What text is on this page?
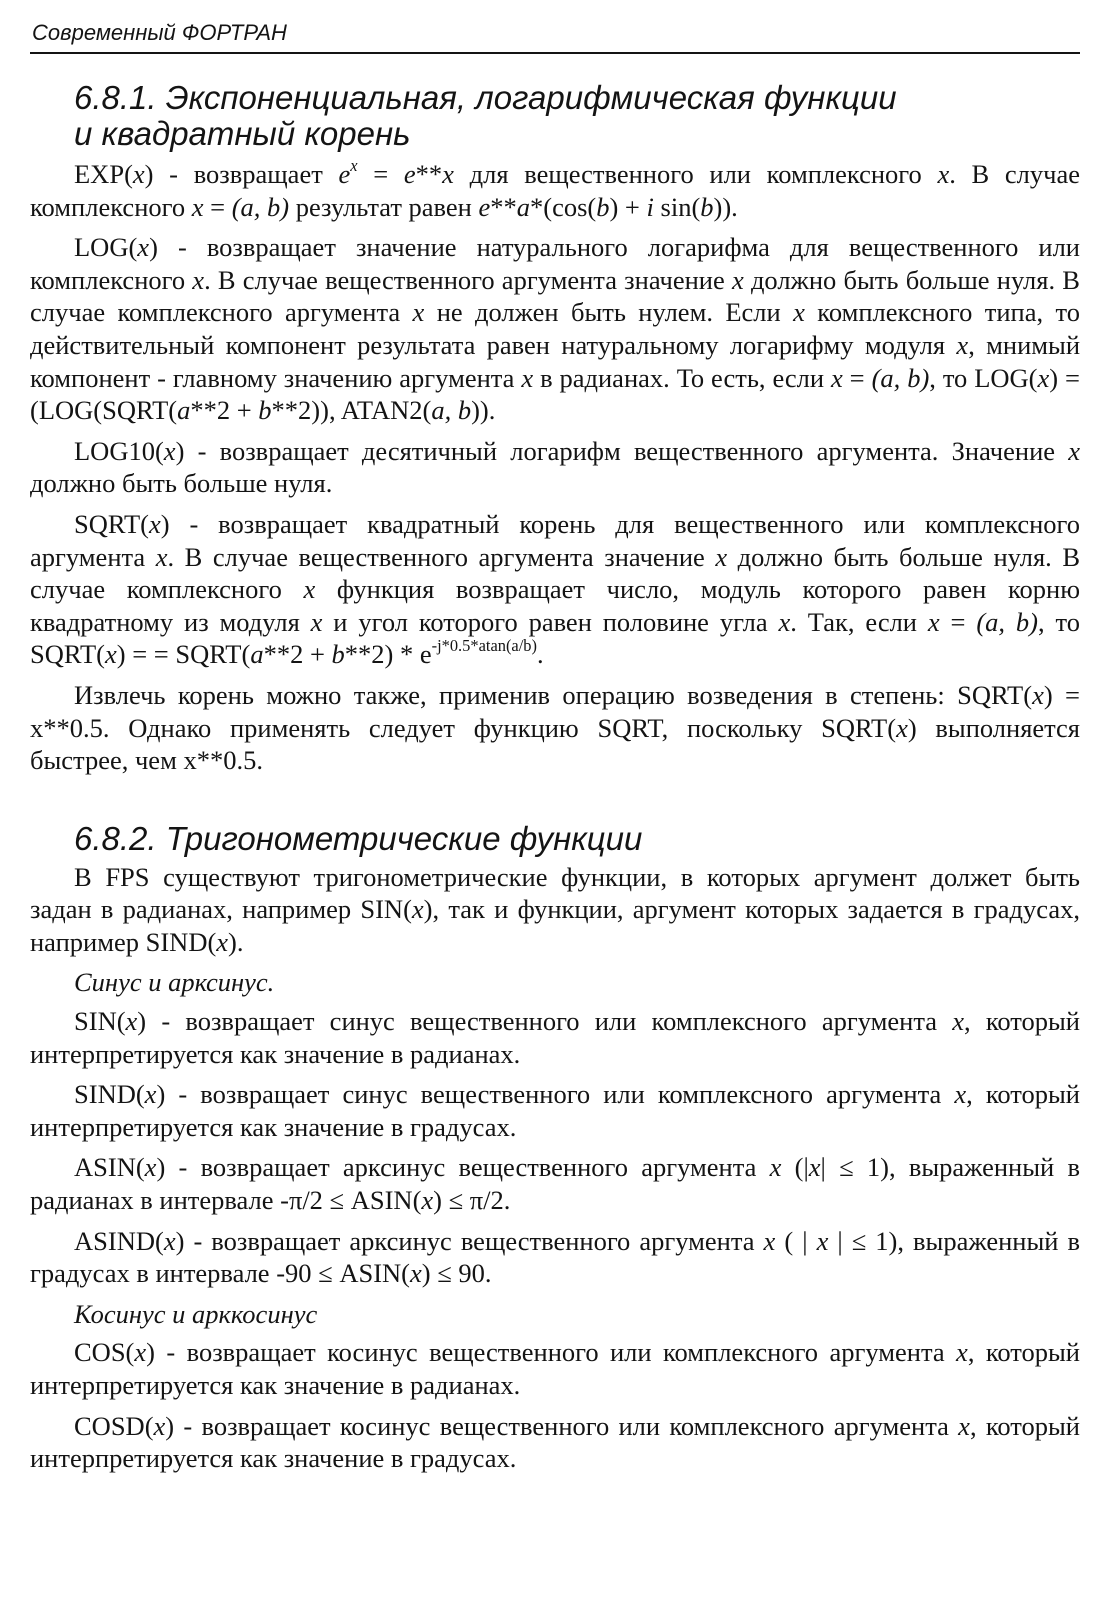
Современный ФОРТРАН
6.8.1. Экспоненциальная, логарифмическая функции
и квадратный корень

EXP(x) - возвращает $e^x = e**x$ для вещественного или комплексного x. В случае комплексного x = (a, b) результат равен e**a*(cos(b) + i sin(b)).

LOG(x) - возвращает значение натурального логарифма для вещественного или комплексного x. В случае вещественного аргумента значение x должно быть больше нуля. В случае комплексного аргумента x не должен быть нулем. Если x комплексного типа, то действительный компонент результата равен натуральному логарифму модуля x, мнимый компонент - главному значению аргумента x в радианах. То есть, если x = (a, b), то LOG(x) = (LOG(SQRT(a**2 + b**2)), ATAN2(a, b)).

LOG10(x) - возвращает десятичный логарифм вещественного аргумента. Значение x должно быть больше нуля.

SQRT(x) - возвращает квадратный корень для вещественного или комплексного аргумента x. В случае вещественного аргумента значение x должно быть больше нуля. В случае комплексного x функция возвращает число, модуль которого равен корню квадратному из модуля x и угол которого равен половине угла x. Так, если x = (a, b), то SQRT(x) = = SQRT(a**2 + $b**2) * e^{-j*0.5*atan(a/b)}$.

Извлечь корень можно также, применив операцию возведения в степень: SQRT(x) = x**0.5. Однако применять следует функцию SQRT, поскольку SQRT(x) выполняется быстрее, чем x**0.5.

6.8.2. Тригонометрические функции

В FPS существуют тригонометрические функции, в которых аргумент должет быть задан в радианах, например SIN(x), так и функции, аргумент которых задается в градусах, например SIND(x).

Синус и арксинус.

SIN(x) - возвращает синус вещественного или комплексного аргумента x, который интерпретируется как значение в радианах.

SIND(x) - возвращает синус вещественного или комплексного аргумента x, который интерпретируется как значение в градусах.

ASIN(x) - возвращает арксинус вещественного аргумента x (|x| ≤ 1), выраженный в радианах в интервале -π/2 ≤ ASIN(x) ≤ π/2.

ASIND(x) - возвращает арксинус вещественного аргумента x ( | x | ≤ 1), выраженный в градусах в интервале -90 ≤ ASIN(x) ≤ 90.

Косинус и арккосинус

COS(x) - возвращает косинус вещественного или комплексного аргумента x, который интерпретируется как значение в радианах.

COSD(x) - возвращает косинус вещественного или комплексного аргумента x, который интерпретируется как значение в градусах.
